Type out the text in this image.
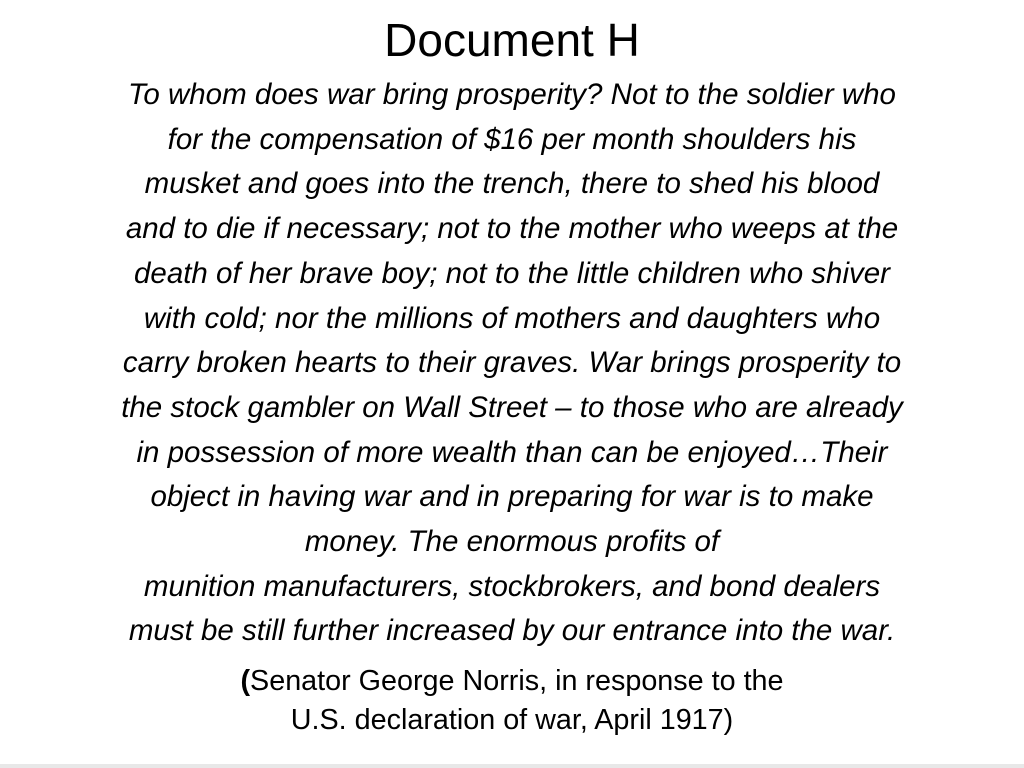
Document H
To whom does war bring prosperity? Not to the soldier who
for the compensation of $16 per month shoulders his
musket and goes into the trench, there to shed his blood
and to die if necessary; not to the mother who weeps at the
death of her brave boy; not to the little children who shiver
with cold; nor the millions of mothers and daughters who
carry broken hearts to their graves. War brings prosperity to
the stock gambler on Wall Street – to those who are already
in possession of more wealth than can be enjoyed…Their
object in having war and in preparing for war is to make
money. The enormous profits of
munition manufacturers, stockbrokers, and bond dealers
must be still further increased by our entrance into the war.
(Senator George Norris, in response to the
U.S. declaration of war, April 1917)
